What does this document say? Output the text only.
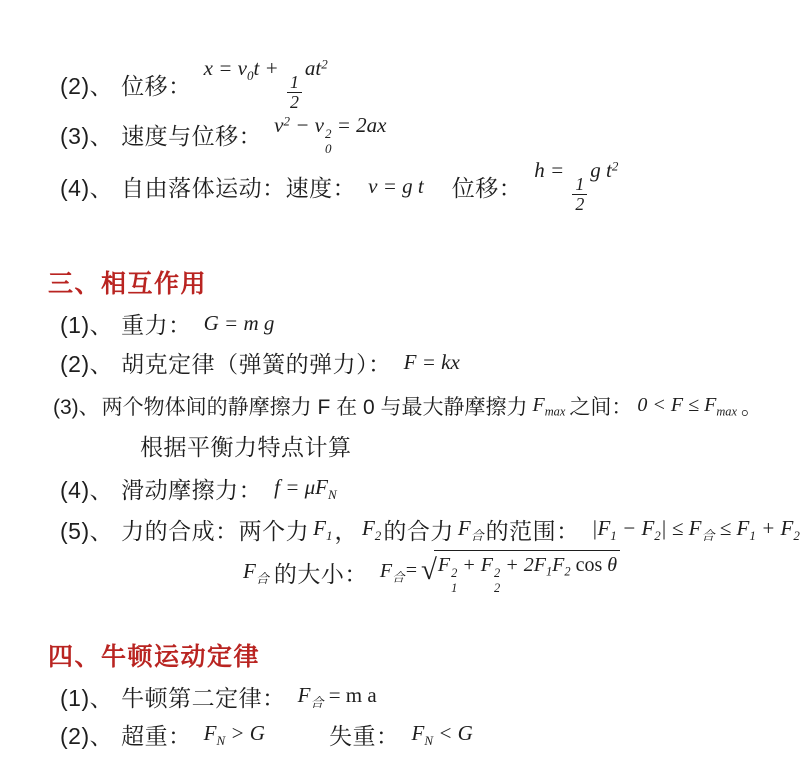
(2)、 位移：
$x = v_0t$ +
$\frac{1}{2}$
$at^2$
(3)、 速度与位移： $v^2 - v$ 2
0
= 2ax
(4)、 自由落体运动： 速度： v = g t 位移：
h =
$\frac{1}{2}$
g $t^2$
三、相互作用
(1)、 重力： G = m g
(2)、 胡克定律（弹簧的弹力）： F = kx
(3)、 两个物体间的静摩擦力 F 在 0 与最大静摩擦力 $F_{max}$ 之间： $0 < F \le F_{max}$ 。
根据平衡力特点计算
(4)、 滑动摩擦力： $f = \mu F_N$
(5)、 力的合成：两个力 $F_1$ ， $F_2$ 的合力 $F_合$ 的范围： $|F_1 - F_2| \le F_合 \le F_1 + F_2$
$F_合$ 的大小： $F_合=$ √ F 2
1
+ F 2
2
+ $2F_1F_2$ cos θ
四、牛顿运动定律
(1)、 牛顿第二定律： $F_合 = m$ a
(2)、 超重： $F_N > G$	失重： $F_N < G$
